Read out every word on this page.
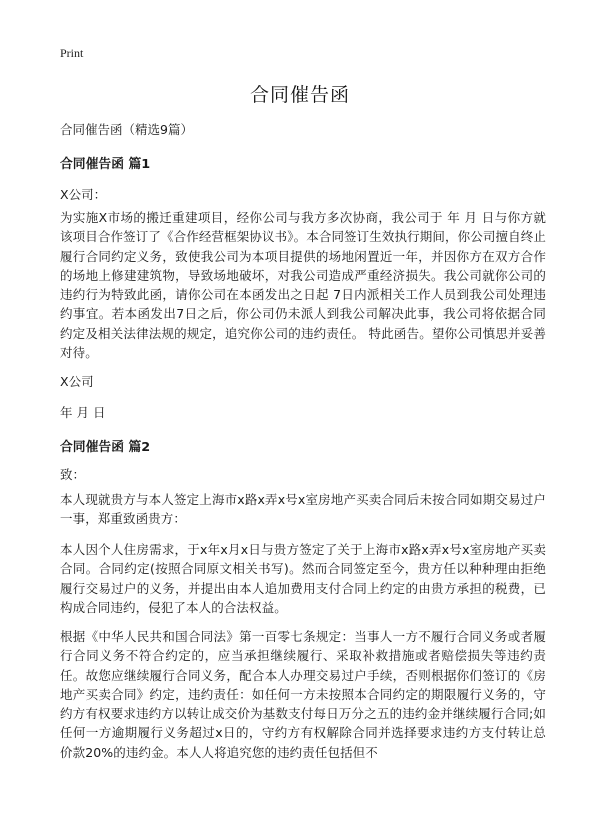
Print
合同催告函
合同催告函（精选9篇）
合同催告函 篇1
X公司：
为实施X市场的搬迁重建项目，经你公司与我方多次协商，我公司于 年 月 日与你方就该项目合作签订了《合作经营框架协议书》。本合同签订生效执行期间，你公司擅自终止履行合同约定义务，致使我公司为本项目提供的场地闲置近一年，并因你方在双方合作的场地上修建建筑物，导致场地破坏，对我公司造成严重经济损失。我公司就你公司的违约行为特致此函，请你公司在本函发出之日起 7日内派相关工作人员到我公司处理违约事宜。若本函发出7日之后，你公司仍未派人到我公司解决此事，我公司将依据合同约定及相关法律法规的规定，追究你公司的违约责任。 特此函告。望你公司慎思并妥善对待。
X公司
年 月 日
合同催告函 篇2
致：
本人现就贵方与本人签定上海市x路x弄x号x室房地产买卖合同后未按合同如期交易过户一事，郑重致函贵方：
本人因个人住房需求，于x年x月x日与贵方签定了关于上海市x路x弄x号x室房地产买卖合同。合同约定(按照合同原文相关书写)。然而合同签定至今，贵方任以种种理由拒绝履行交易过户的义务，并提出由本人追加费用支付合同上约定的由贵方承担的税费，已构成合同违约，侵犯了本人的合法权益。
根据《中华人民共和国合同法》第一百零七条规定：当事人一方不履行合同义务或者履行合同义务不符合约定的，应当承担继续履行、采取补救措施或者赔偿损失等违约责任。故您应继续履行合同义务，配合本人办理交易过户手续，否则根据你们签订的《房地产买卖合同》约定，违约责任：如任何一方未按照本合同约定的期限履行义务的，守约方有权要求违约方以转让成交价为基数支付每日万分之五的违约金并继续履行合同;如任何一方逾期履行义务超过x日的，守约方有权解除合同并选择要求违约方支付转让总价款20%的违约金。本人人将追究您的违约责任包括但不
